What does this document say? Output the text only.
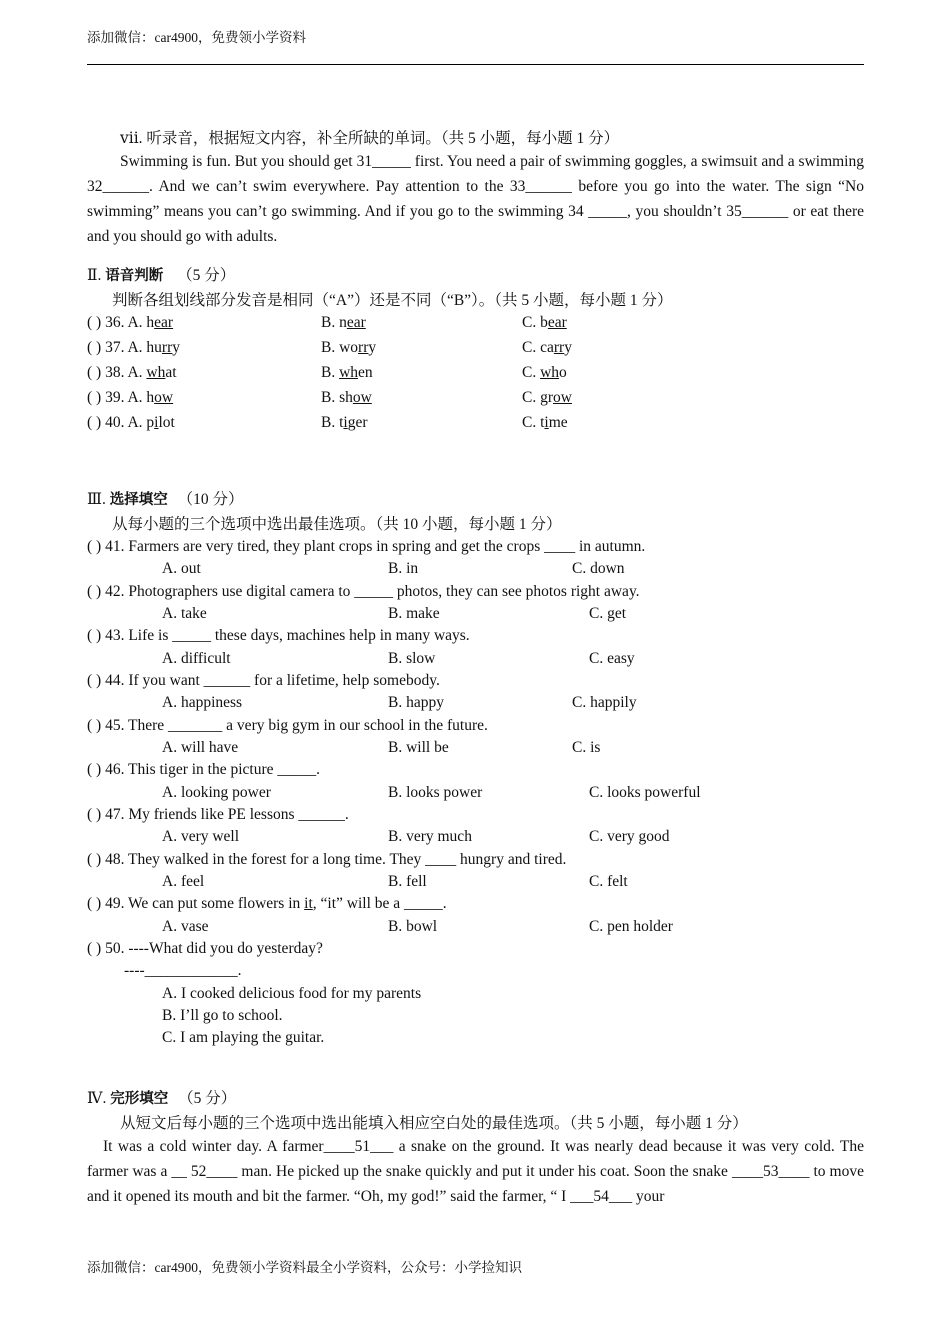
添加微信：car4900，免费领小学资料
ⅶ. 听录音，根据短文内容，补全所缺的单词。（共 5 小题，每小题 1 分）
Swimming is fun. But you should get 31_____ first. You need a pair of swimming goggles, a swimsuit and a swimming 32______. And we can’t swim everywhere. Pay attention to the 33______ before you go into the water. The sign “No swimming” means you can’t go swimming. And if you go to the swimming 34 _____, you shouldn’t 35______ or eat there and you should go with adults.
Ⅱ. 语音判断 （5 分）
判断各组划线部分发音是相同（“A”）还是不同（“B”）。（共 5 小题，每小题 1 分）
( ) 36. A. hear	B. near	C. bear
( ) 37. A. hurry	B. worry	C. carry
( ) 38. A. what	B. when	C. who
( ) 39. A. how	B. show	C. grow
( ) 40. A. pilot	B. tiger	C. time
Ⅲ. 选择填空 （10 分）
从每小题的三个选项中选出最佳选项。（共 10 小题，每小题 1 分）
( ) 41. Farmers are very tired, they plant crops in spring and get the crops ____ in autumn.
A. out	B. in	C. down
( ) 42. Photographers use digital camera to _____ photos, they can see photos right away.
A. take	B. make	C. get
( ) 43. Life is _____ these days, machines help in many ways.
A. difficult	B. slow	C. easy
( ) 44. If you want ______ for a lifetime, help somebody.
A. happiness	B. happy	C. happily
( ) 45. There _______ a very big gym in our school in the future.
A. will have	B. will be	C. is
( ) 46. This tiger in the picture _____.
A. looking power	B. looks power	C. looks powerful
( ) 47. My friends like PE lessons ______.
A. very well	B. very much	C. very good
( ) 48. They walked in the forest for a long time. They ____ hungry and tired.
A. feel	B. fell	C. felt
( ) 49. We can put some flowers in it, “it” will be a _____.
A. vase	B. bowl	C. pen holder
( ) 50. ----What did you do yesterday?
----____________.
A. I cooked delicious food for my parents
B. I’ll go to school.
C. I am playing the guitar.
Ⅳ. 完形填空 （5 分）
从短文后每小题的三个选项中选出能填入相应空白处的最佳选项。（共 5 小题，每小题 1 分）
It was a cold winter day. A farmer____51___ a snake on the ground. It was nearly dead because it was very cold. The farmer was a __ 52____ man. He picked up the snake quickly and put it under his coat. Soon the snake ____53____ to move and it opened its mouth and bit the farmer. “Oh, my god!” said the farmer, “ I ___54___ your
添加微信：car4900，免费领小学资料最全小学资料，公众号：小学捡知识
